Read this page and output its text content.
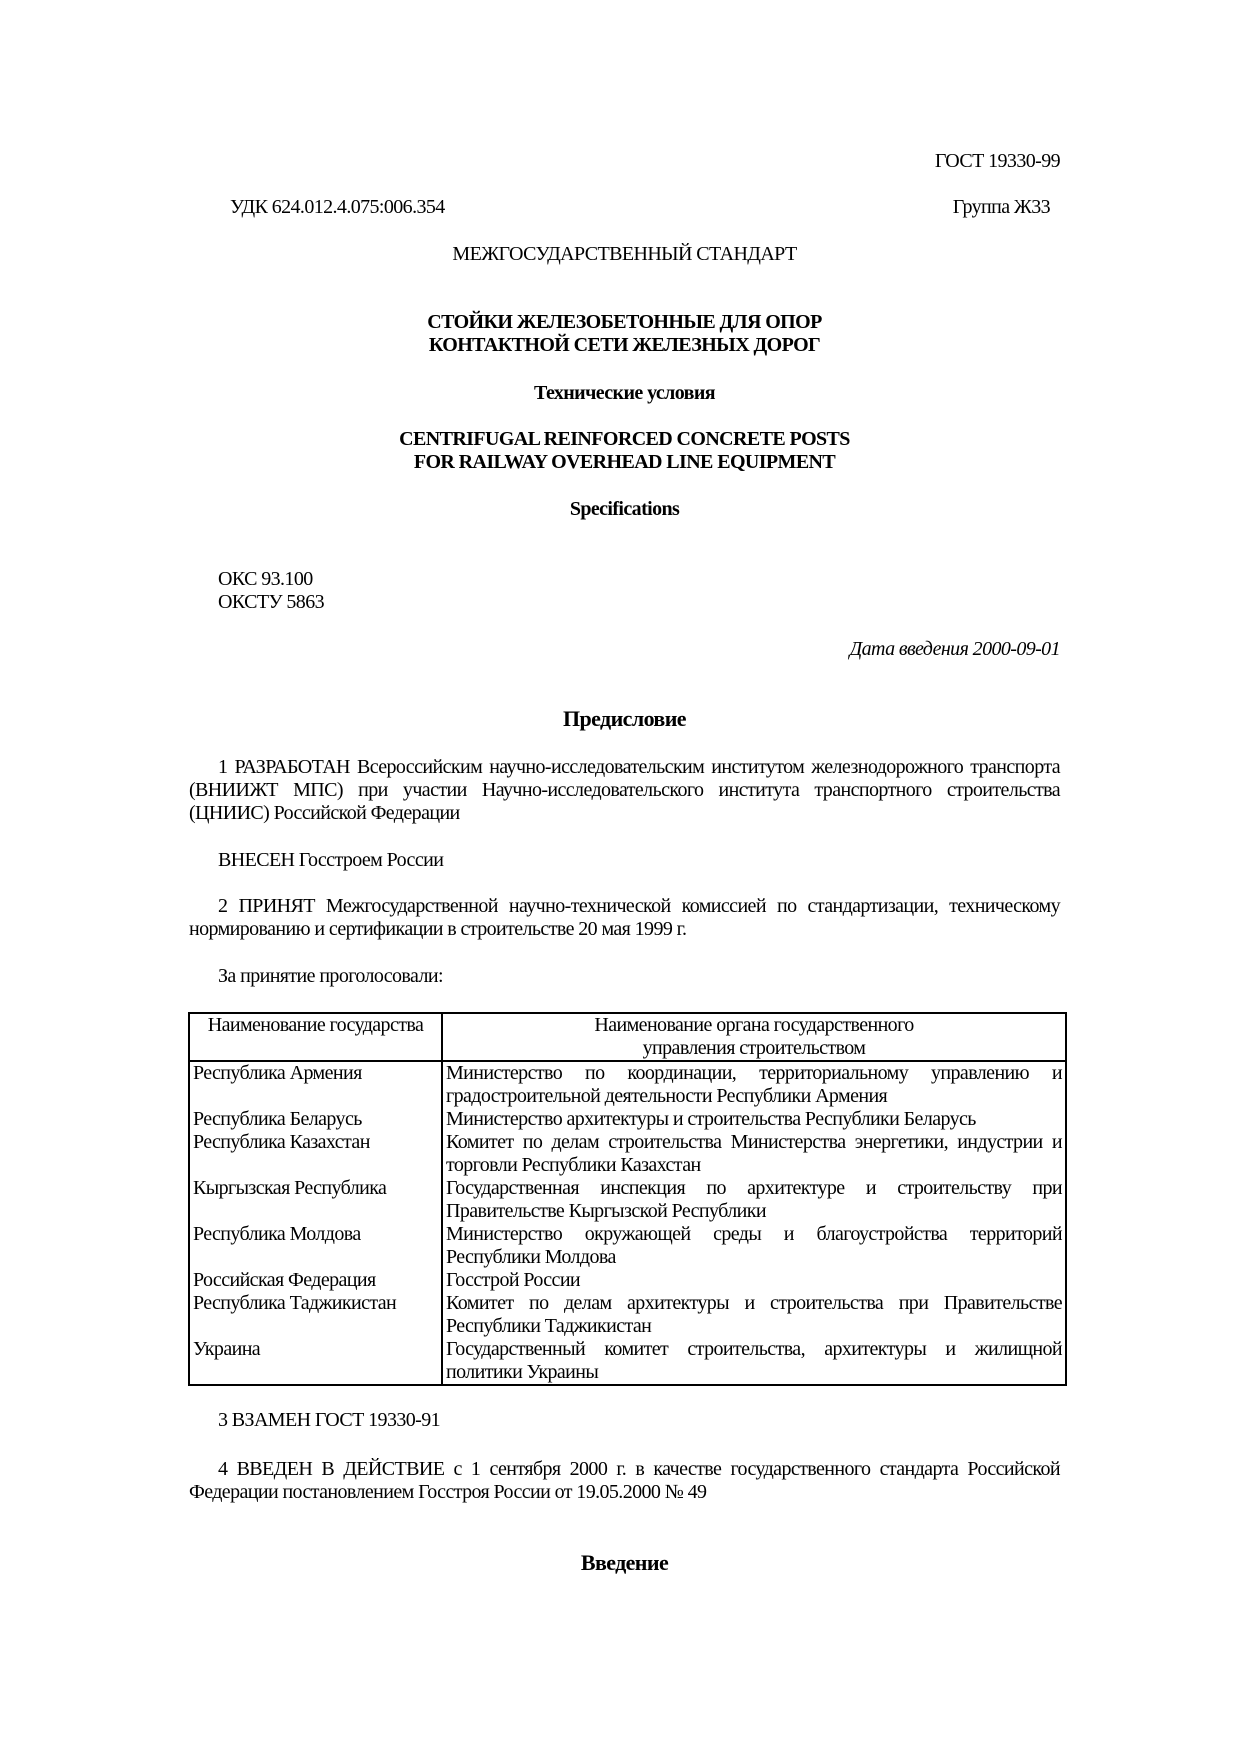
ГОСТ 19330-99
УДК 624.012.4.075:006.354	Группа Ж33
МЕЖГОСУДАРСТВЕННЫЙ СТАНДАРТ
СТОЙКИ ЖЕЛЕЗОБЕТОННЫЕ ДЛЯ ОПОР
КОНТАКТНОЙ СЕТИ ЖЕЛЕЗНЫХ ДОРОГ
Технические условия
CENTRIFUGAL REINFORCED CONCRETE POSTS
FOR RAILWAY OVERHEAD LINE EQUIPMENT
Specifications
ОКС 93.100
ОКСТУ 5863
Дата введения 2000-09-01
Предисловие
1 РАЗРАБОТАН Всероссийским научно-исследовательским институтом железнодорожного транспорта (ВНИИЖТ МПС) при участии Научно-исследовательского института транспортного строительства (ЦНИИС) Российской Федерации
ВНЕСЕН Госстроем России
2 ПРИНЯТ Межгосударственной научно-технической комиссией по стандартизации, техническому нормированию и сертификации в строительстве 20 мая 1999 г.
За принятие проголосовали:
Наименование государства	Наименование органа государственного управления строительством
Республика Армения	Министерство по координации, территориальному управлению и градостроительной деятельности Республики Армения
Республика Беларусь	Министерство архитектуры и строительства Республики Беларусь
Республика Казахстан	Комитет по делам строительства Министерства энергетики, индустрии и торговли Республики Казахстан
Кыргызская Республика	Государственная инспекция по архитектуре и строительству при Правительстве Кыргызской Республики
Республика Молдова	Министерство окружающей среды и благоустройства территорий Республики Молдова
Российская Федерация	Госстрой России
Республика Таджикистан	Комитет по делам архитектуры и строительства при Правительстве Республики Таджикистан
Украина	Государственный комитет строительства, архитектуры и жилищной политики Украины
3 ВЗАМЕН ГОСТ 19330-91
4 ВВЕДЕН В ДЕЙСТВИЕ с 1 сентября 2000 г. в качестве государственного стандарта Российской Федерации постановлением Госстроя России от 19.05.2000 № 49
Введение
